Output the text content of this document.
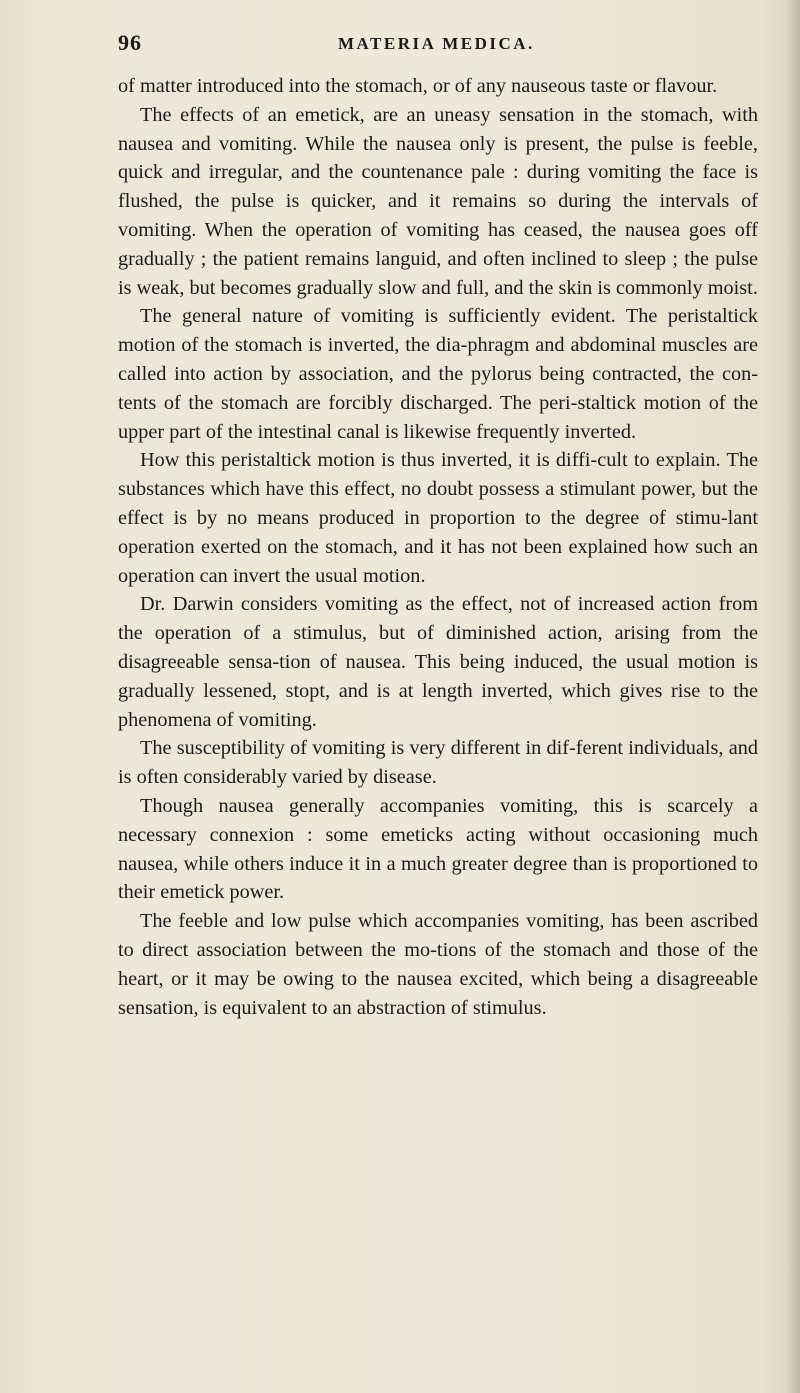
96	MATERIA MEDICA.

of matter introduced into the stomach, or of any nauseous taste or flavour.

The effects of an emetick, are an uneasy sensation in the stomach, with nausea and vomiting. While the nausea only is present, the pulse is feeble, quick and irregular, and the countenance pale : during vomiting the face is flushed, the pulse is quicker, and it remains so during the intervals of vomiting. When the operation of vomiting has ceased, the nausea goes off gradually ; the patient remains languid, and often inclined to sleep ; the pulse is weak, but becomes gradually slow and full, and the skin is commonly moist.

The general nature of vomiting is sufficiently evident. The peristaltick motion of the stomach is inverted, the dia-phragm and abdominal muscles are called into action by association, and the pylorus being contracted, the con-tents of the stomach are forcibly discharged. The peri-staltick motion of the upper part of the intestinal canal is likewise frequently inverted.

How this peristaltick motion is thus inverted, it is diffi-cult to explain. The substances which have this effect, no doubt possess a stimulant power, but the effect is by no means produced in proportion to the degree of stimu-lant operation exerted on the stomach, and it has not been explained how such an operation can invert the usual motion.

Dr. Darwin considers vomiting as the effect, not of increased action from the operation of a stimulus, but of diminished action, arising from the disagreeable sensa-tion of nausea. This being induced, the usual motion is gradually lessened, stopt, and is at length inverted, which gives rise to the phenomena of vomiting.

The susceptibility of vomiting is very different in dif-ferent individuals, and is often considerably varied by disease.

Though nausea generally accompanies vomiting, this is scarcely a necessary connexion : some emeticks acting without occasioning much nausea, while others induce it in a much greater degree than is proportioned to their emetick power.

The feeble and low pulse which accompanies vomiting, has been ascribed to direct association between the mo-tions of the stomach and those of the heart, or it may be owing to the nausea excited, which being a disagreeable sensation, is equivalent to an abstraction of stimulus.
